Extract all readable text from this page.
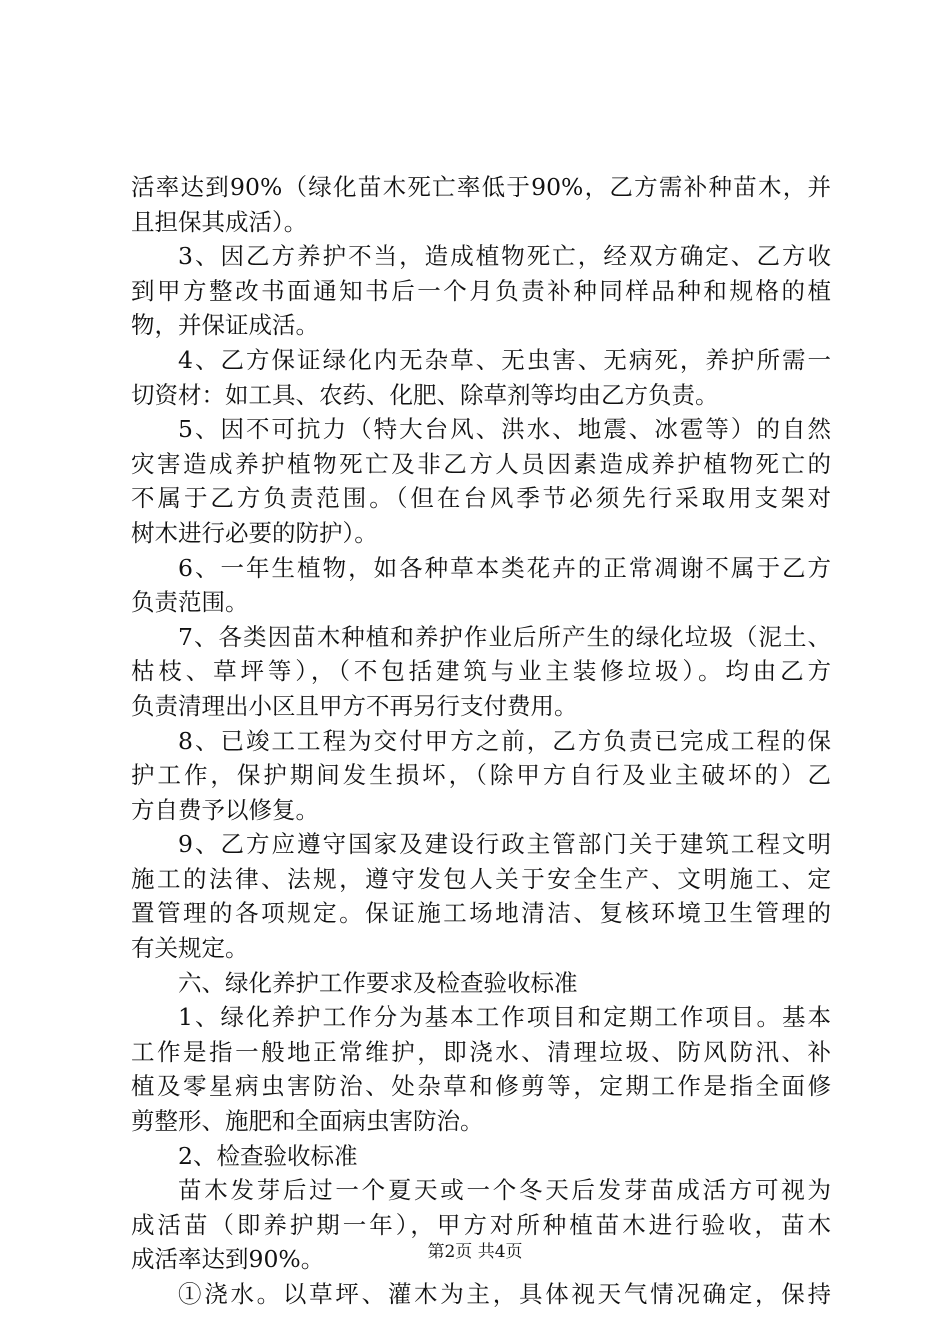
活率达到90%（绿化苗木死亡率低于90%，乙方需补种苗木，并
且担保其成活）。
3、因乙方养护不当，造成植物死亡，经双方确定、乙方收
到甲方整改书面通知书后一个月负责补种同样品种和规格的植
物，并保证成活。
4、乙方保证绿化内无杂草、无虫害、无病死，养护所需一
切资材：如工具、农药、化肥、除草剂等均由乙方负责。
5、因不可抗力（特大台风、洪水、地震、冰雹等）的自然
灾害造成养护植物死亡及非乙方人员因素造成养护植物死亡的
不属于乙方负责范围。（但在台风季节必须先行采取用支架对
树木进行必要的防护）。
6、一年生植物，如各种草本类花卉的正常凋谢不属于乙方
负责范围。
7、各类因苗木种植和养护作业后所产生的绿化垃圾（泥土、
枯枝、草坪等），（不包括建筑与业主装修垃圾）。均由乙方
负责清理出小区且甲方不再另行支付费用。
8、已竣工工程为交付甲方之前，乙方负责已完成工程的保
护工作，保护期间发生损坏，（除甲方自行及业主破坏的）乙
方自费予以修复。
9、乙方应遵守国家及建设行政主管部门关于建筑工程文明
施工的法律、法规，遵守发包人关于安全生产、文明施工、定
置管理的各项规定。保证施工场地清洁、复核环境卫生管理的
有关规定。
六、绿化养护工作要求及检查验收标准
1、绿化养护工作分为基本工作项目和定期工作项目。基本
工作是指一般地正常维护，即浇水、清理垃圾、防风防汛、补
植及零星病虫害防治、处杂草和修剪等，定期工作是指全面修
剪整形、施肥和全面病虫害防治。
2、检查验收标准
苗木发芽后过一个夏天或一个冬天后发芽苗成活方可视为
成活苗（即养护期一年），甲方对所种植苗木进行验收，苗木
成活率达到90%。
①浇水。以草坪、灌木为主，具体视天气情况确定，保持
第2页 共4页
